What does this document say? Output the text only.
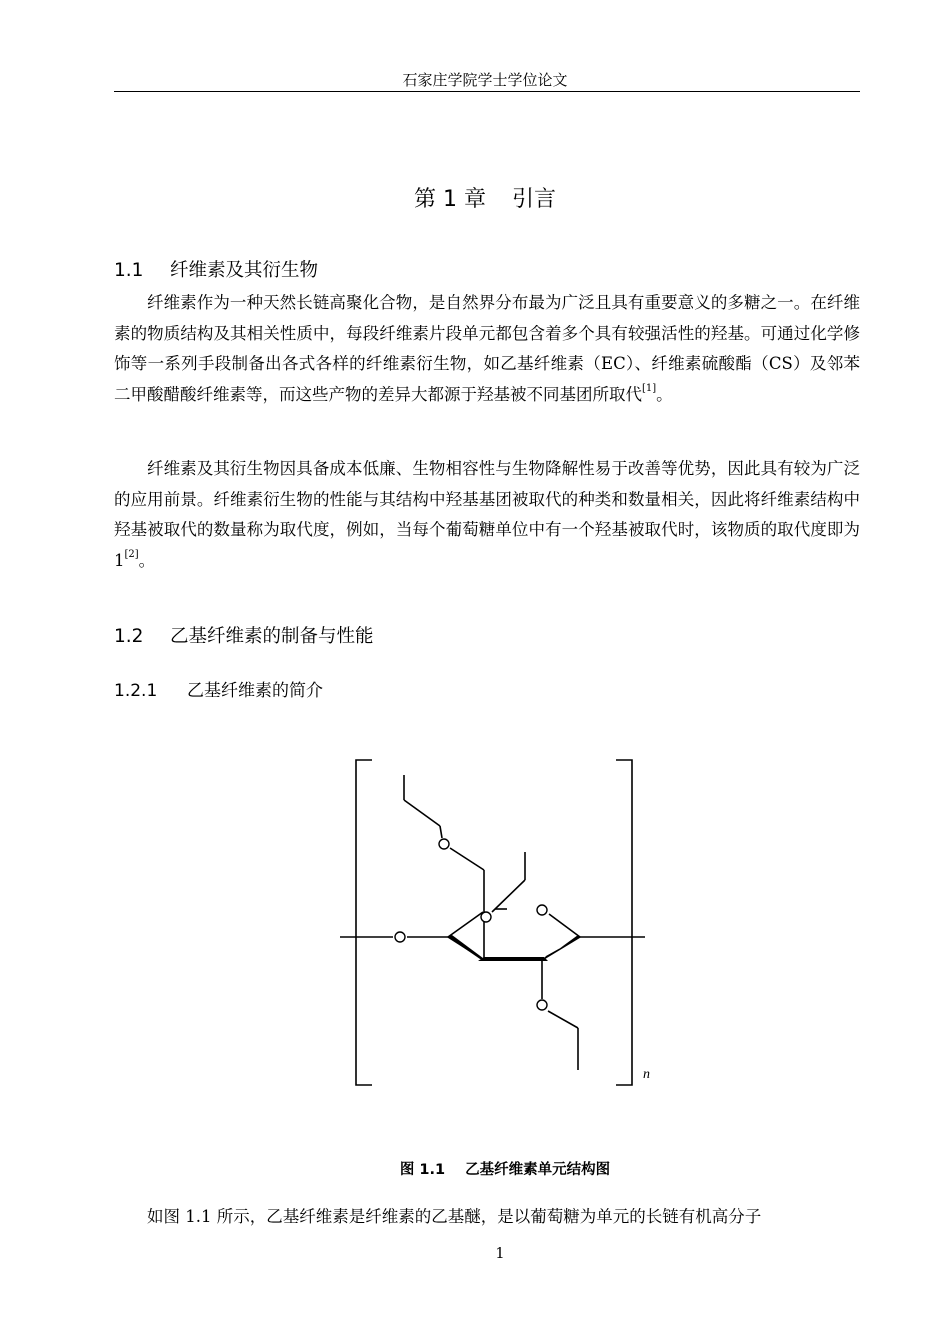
石家庄学院学士学位论文
第 1 章 引言
1.1 纤维素及其衍生物
纤维素作为一种天然长链高聚化合物，是自然界分布最为广泛且具有重要意义的多糖之一。在纤维素的物质结构及其相关性质中，每段纤维素片段单元都包含着多个具有较强活性的羟基。可通过化学修饰等一系列手段制备出各式各样的纤维素衍生物，如乙基纤维素（EC）、纤维素硫酸酯（CS）及邻苯二甲酸醋酸纤维素等，而这些产物的差异大都源于羟基被不同基团所取代[1]。
纤维素及其衍生物因具备成本低廉、生物相容性与生物降解性易于改善等优势，因此具有较为广泛的应用前景。纤维素衍生物的性能与其结构中羟基基团被取代的种类和数量相关，因此将纤维素结构中羟基被取代的数量称为取代度，例如，当每个葡萄糖单位中有一个羟基被取代时，该物质的取代度即为 1[2]。
1.2 乙基纤维素的制备与性能
1.2.1 乙基纤维素的简介
n
图 1.1 乙基纤维素单元结构图
如图 1.1 所示，乙基纤维素是纤维素的乙基醚，是以葡萄糖为单元的长链有机高分子
1
